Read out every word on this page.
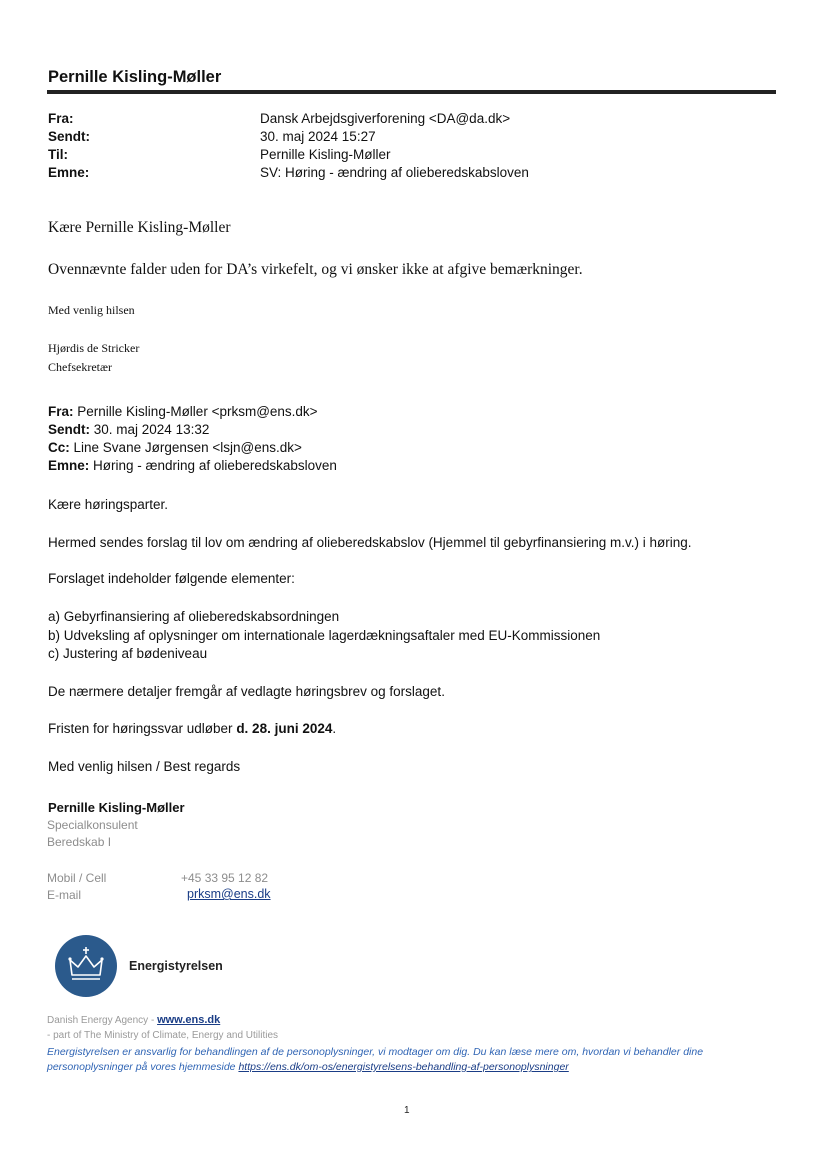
Pernille Kisling-Møller
Fra:	Dansk Arbejdsgiverforening <DA@da.dk>
Sendt:	30. maj 2024 15:27
Til:	Pernille Kisling-Møller
Emne:	SV: Høring - ændring af olieberedskabsloven
Kære Pernille Kisling-Møller
Ovennævnte falder uden for DA’s virkefelt, og vi ønsker ikke at afgive bemærkninger.
Med venlig hilsen
Hjørdis de Stricker
Chefsekretær
Fra: Pernille Kisling-Møller <prksm@ens.dk>
Sendt: 30. maj 2024 13:32
Cc: Line Svane Jørgensen <lsjn@ens.dk>
Emne: Høring - ændring af olieberedskabsloven
Kære høringsparter.
Hermed sendes forslag til lov om ændring af olieberedskabslov (Hjemmel til gebyrfinansiering m.v.) i høring.
Forslaget indeholder følgende elementer:
a) Gebyrfinansiering af olieberedskabsordningen
b) Udveksling af oplysninger om internationale lagerdækningsaftaler med EU-Kommissionen
c) Justering af bødeniveau
De nærmere detaljer fremgår af vedlagte høringsbrev og forslaget.
Fristen for høringssvar udløber d. 28. juni 2024.
Med venlig hilsen / Best regards
Pernille Kisling-Møller
Specialkonsulent
Beredskab I
Mobil / Cell	+45 33 95 12 82
E-mail	prksm@ens.dk
Energistyrelsen
Danish Energy Agency - www.ens.dk
- part of The Ministry of Climate, Energy and Utilities
Energistyrelsen er ansvarlig for behandlingen af de personoplysninger, vi modtager om dig. Du kan læse mere om, hvordan vi behandler dine
personoplysninger på vores hjemmeside https://ens.dk/om-os/energistyrelsens-behandling-af-personoplysninger
1
